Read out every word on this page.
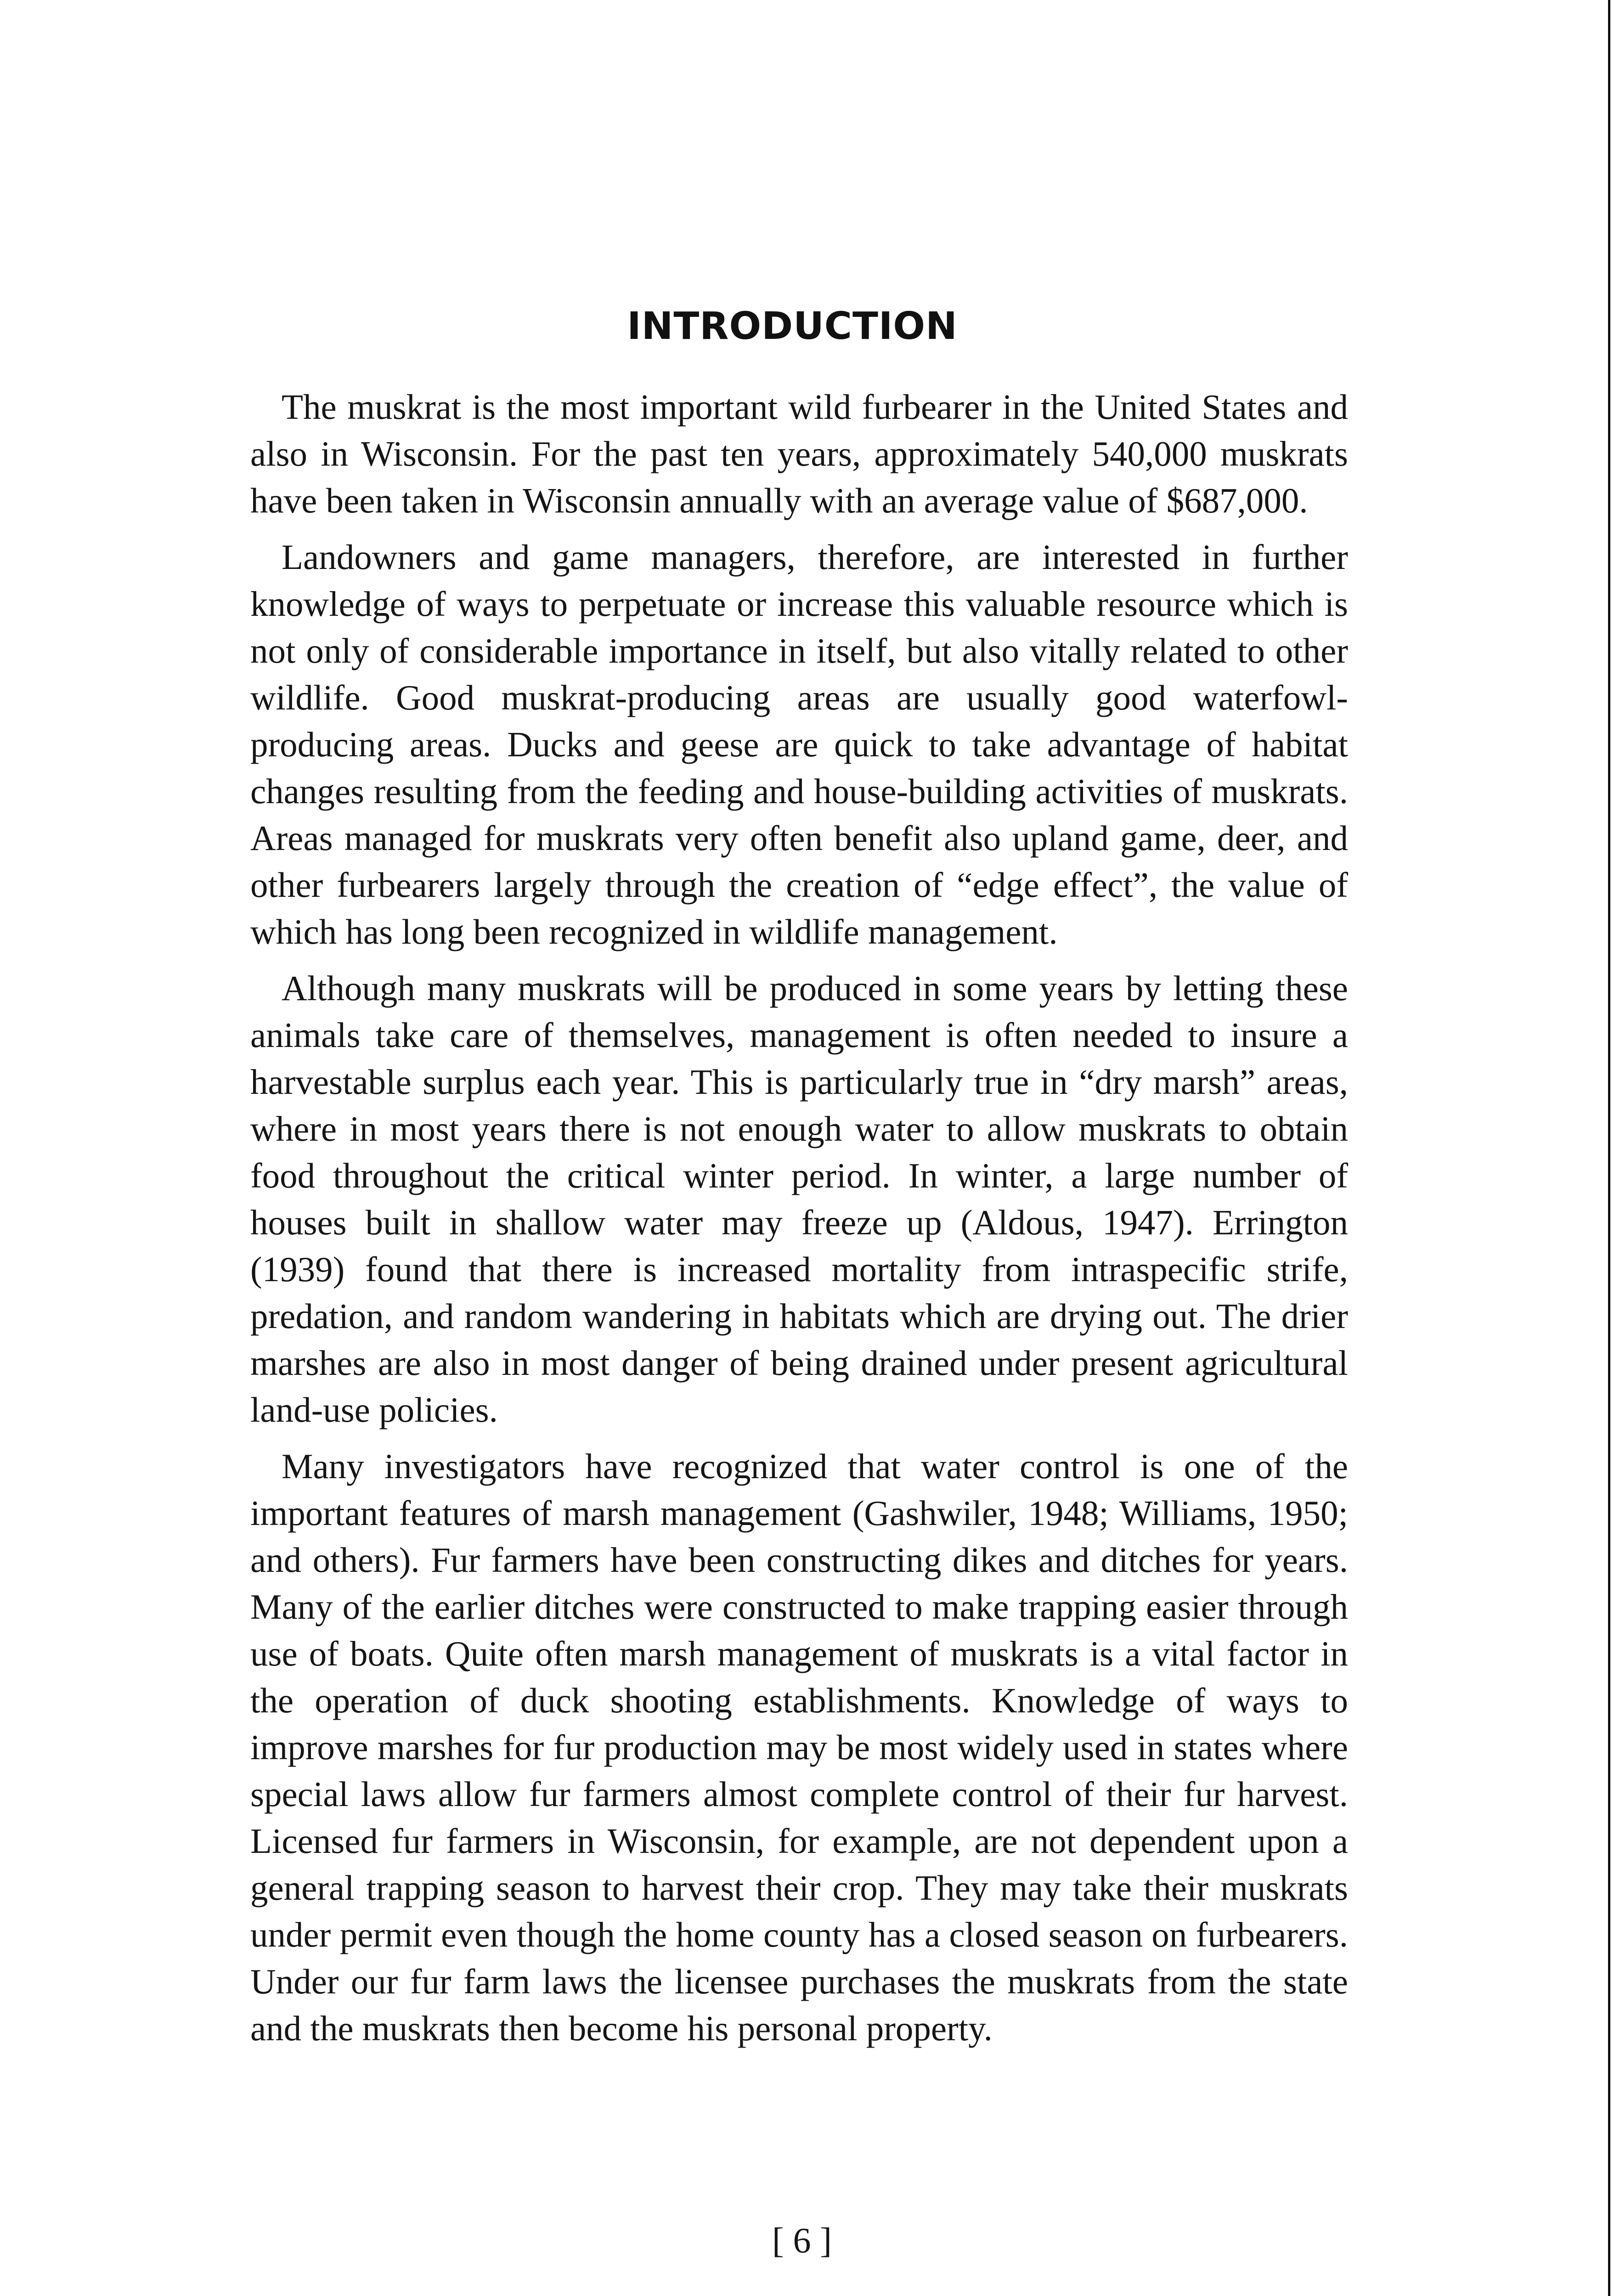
INTRODUCTION

The muskrat is the most important wild furbearer in the United States and also in Wisconsin. For the past ten years, approximately 540,000 muskrats have been taken in Wisconsin annually with an average value of $687,000.

Landowners and game managers, therefore, are interested in further knowledge of ways to perpetuate or increase this valuable resource which is not only of considerable importance in itself, but also vitally related to other wildlife. Good muskrat-producing areas are usually good waterfowl-producing areas. Ducks and geese are quick to take advantage of habitat changes resulting from the feeding and house-building activities of muskrats. Areas managed for muskrats very often benefit also upland game, deer, and other furbearers largely through the creation of “edge effect”, the value of which has long been recognized in wildlife management.

Although many muskrats will be produced in some years by letting these animals take care of themselves, management is often needed to insure a harvestable surplus each year. This is particularly true in “dry marsh” areas, where in most years there is not enough water to allow muskrats to obtain food throughout the critical winter period. In winter, a large number of houses built in shallow water may freeze up (Aldous, 1947). Errington (1939) found that there is increased mortality from intraspecific strife, predation, and random wandering in habitats which are drying out. The drier marshes are also in most danger of being drained under present agricultural land-use policies.

Many investigators have recognized that water control is one of the important features of marsh management (Gashwiler, 1948; Williams, 1950; and others). Fur farmers have been constructing dikes and ditches for years. Many of the earlier ditches were constructed to make trapping easier through use of boats. Quite often marsh management of muskrats is a vital factor in the operation of duck shooting establishments. Knowledge of ways to improve marshes for fur production may be most widely used in states where special laws allow fur farmers almost complete control of their fur harvest. Licensed fur farmers in Wisconsin, for example, are not dependent upon a general trapping season to harvest their crop. They may take their muskrats under permit even though the home county has a closed season on furbearers. Under our fur farm laws the licensee purchases the muskrats from the state and the muskrats then become his personal property.

[ 6 ]
